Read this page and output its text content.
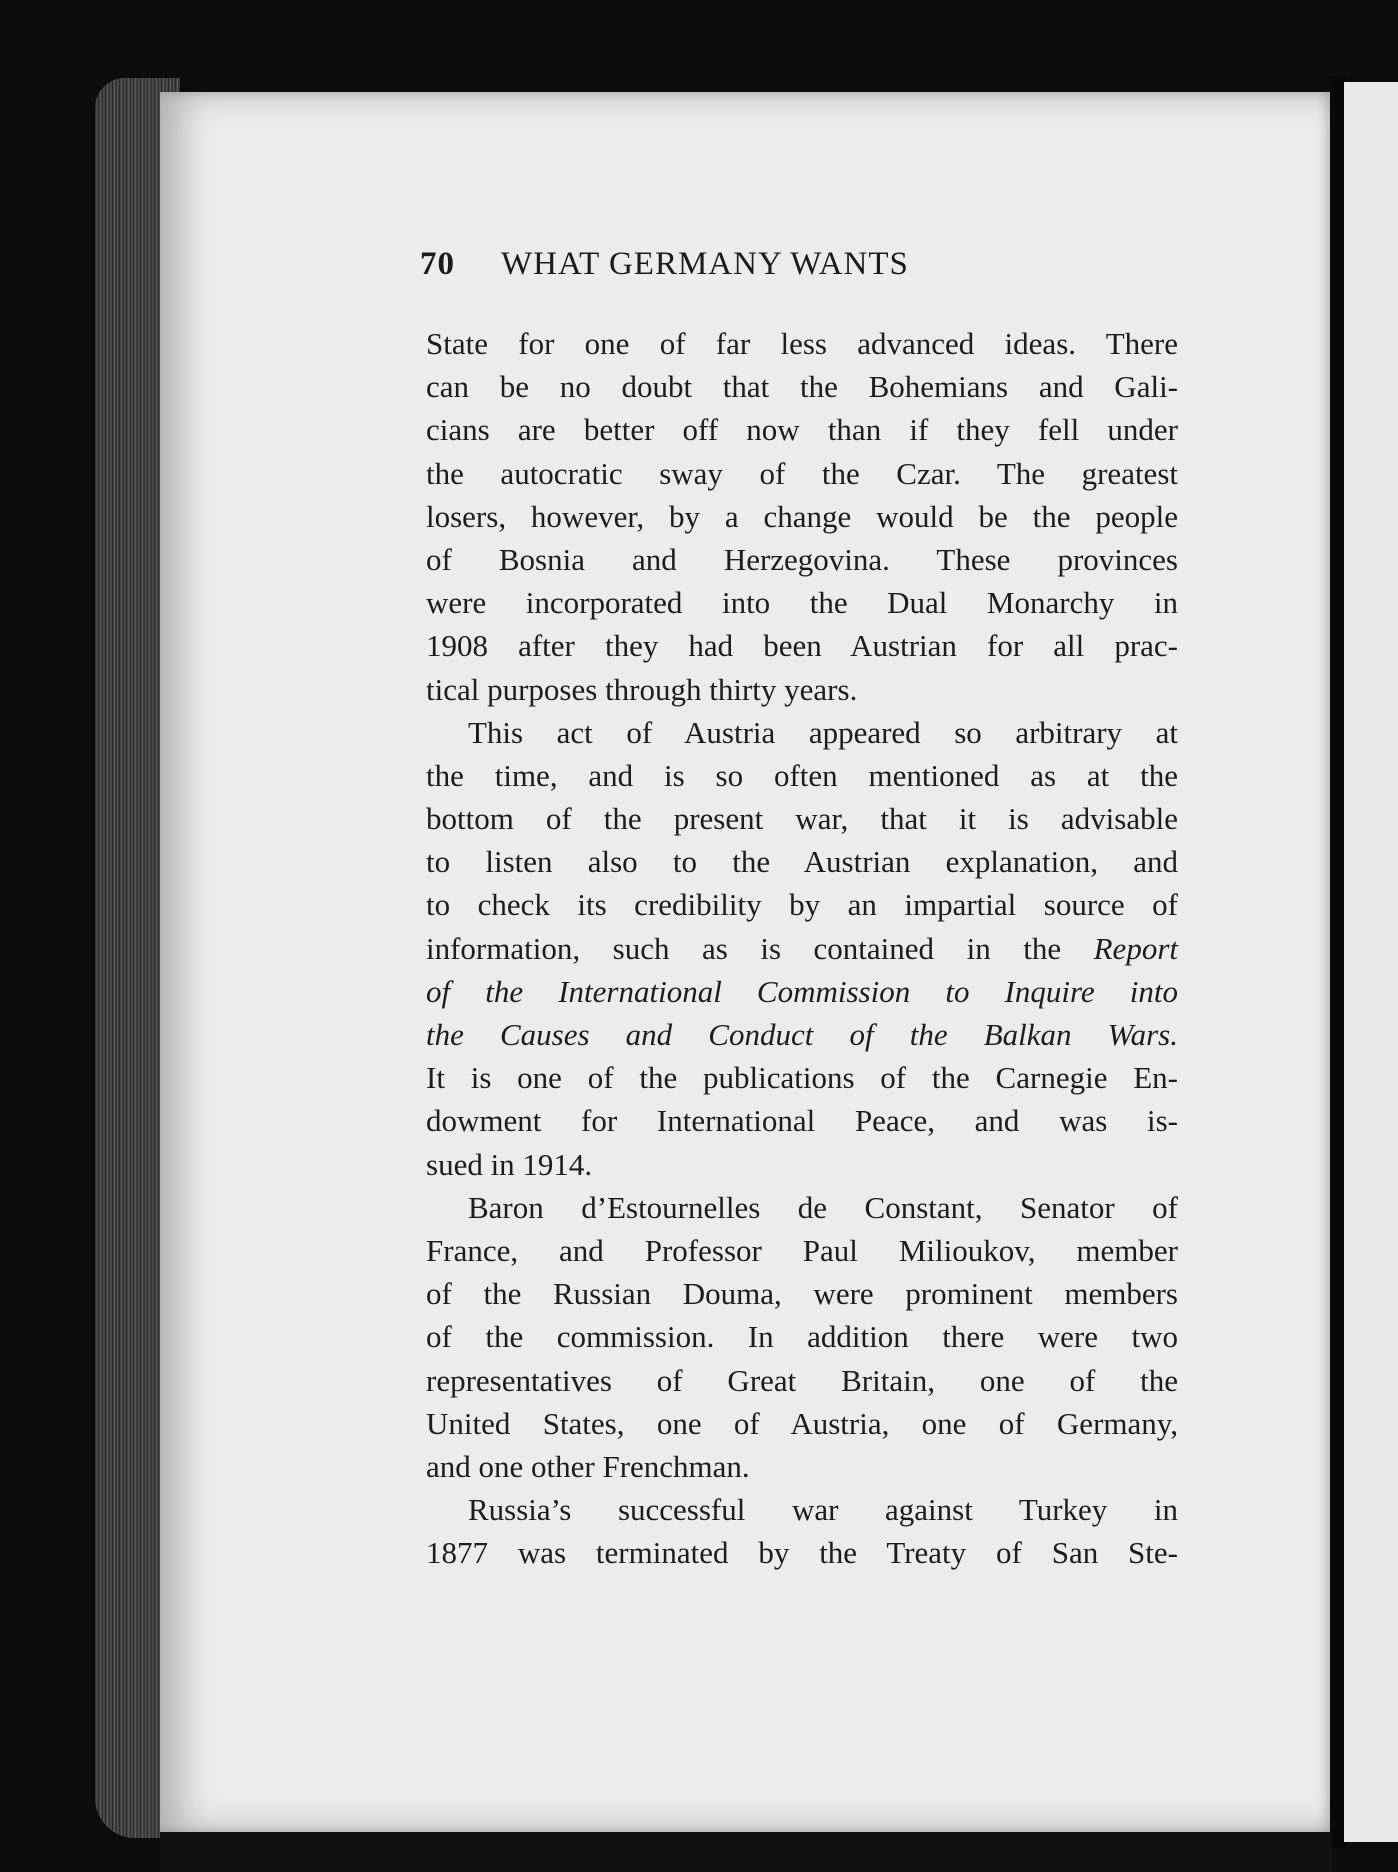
70 WHAT GERMANY WANTS
State for one of far less advanced ideas. There
can be no doubt that the Bohemians and Gali-
cians are better off now than if they fell under
the autocratic sway of the Czar. The greatest
losers, however, by a change would be the people
of Bosnia and Herzegovina. These provinces
were incorporated into the Dual Monarchy in
1908 after they had been Austrian for all prac-
tical purposes through thirty years.
This act of Austria appeared so arbitrary at
the time, and is so often mentioned as at the
bottom of the present war, that it is advisable
to listen also to the Austrian explanation, and
to check its credibility by an impartial source of
information, such as is contained in the Report
of the International Commission to Inquire into
the Causes and Conduct of the Balkan Wars.
It is one of the publications of the Carnegie En-
dowment for International Peace, and was is-
sued in 1914.
Baron d’Estournelles de Constant, Senator of
France, and Professor Paul Milioukov, member
of the Russian Douma, were prominent members
of the commission. In addition there were two
representatives of Great Britain, one of the
United States, one of Austria, one of Germany,
and one other Frenchman.
Russia’s successful war against Turkey in
1877 was terminated by the Treaty of San Ste-
